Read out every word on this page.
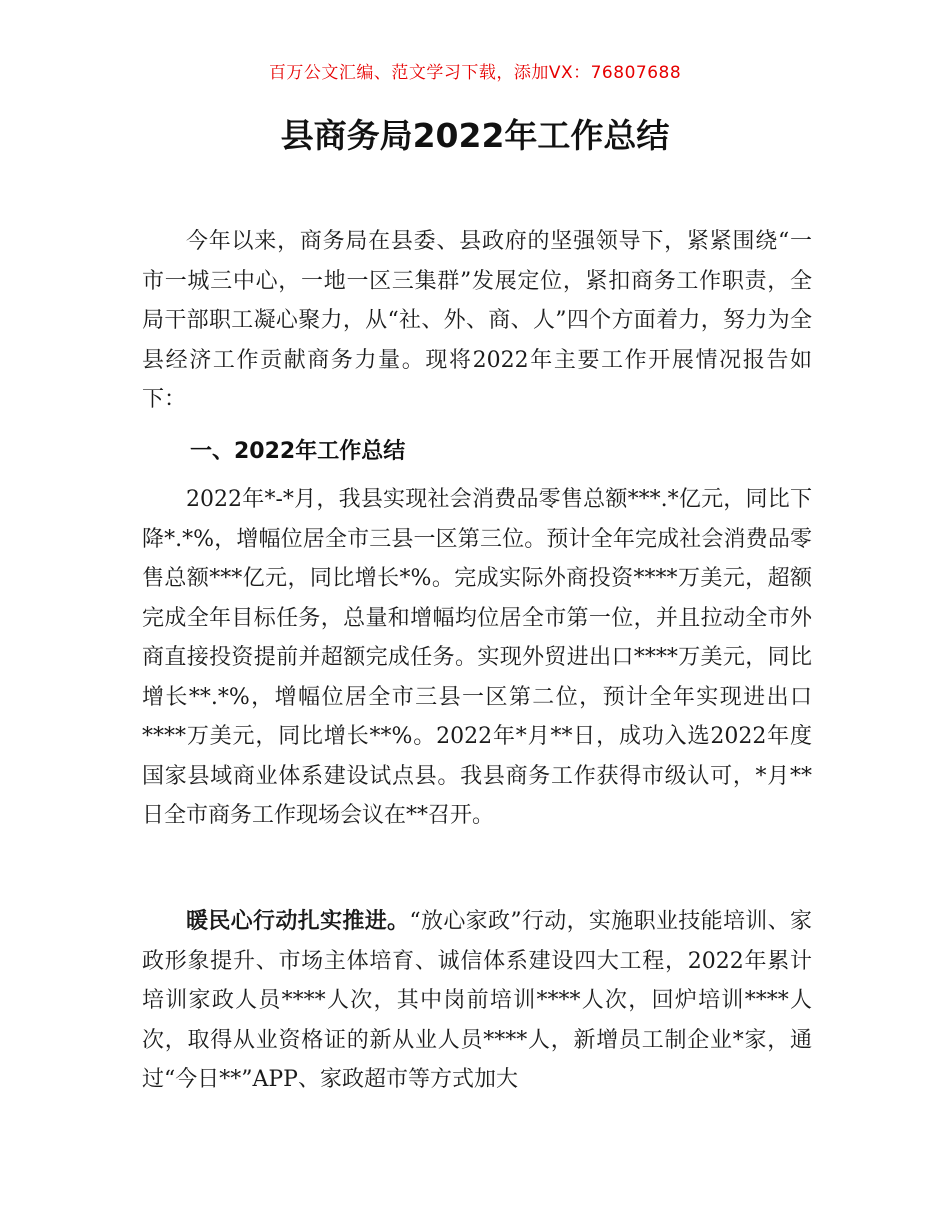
百万公文汇编、范文学习下载，添加VX：76807688
县商务局2022年工作总结

今年以来，商务局在县委、县政府的坚强领导下，紧紧围绕“一市一城三中心，一地一区三集群”发展定位，紧扣商务工作职责，全局干部职工凝心聚力，从“社、外、商、人”四个方面着力，努力为全县经济工作贡献商务力量。现将2022年主要工作开展情况报告如下：

一、2022年工作总结

2022年*-*月，我县实现社会消费品零售总额***.*亿元，同比下降*.*%，增幅位居全市三县一区第三位。预计全年完成社会消费品零售总额***亿元，同比增长*%。完成实际外商投资****万美元，超额完成全年目标任务，总量和增幅均位居全市第一位，并且拉动全市外商直接投资提前并超额完成任务。实现外贸进出口****万美元，同比增长**.*%，增幅位居全市三县一区第二位，预计全年实现进出口****万美元，同比增长**%。2022年*月**日，成功入选2022年度国家县域商业体系建设试点县。我县商务工作获得市级认可，*月**日全市商务工作现场会议在**召开。

暖民心行动扎实推进。“放心家政”行动，实施职业技能培训、家政形象提升、市场主体培育、诚信体系建设四大工程，2022年累计培训家政人员****人次，其中岗前培训****人次，回炉培训****人次，取得从业资格证的新从业人员****人，新增员工制企业*家，通过“今日**”APP、家政超市等方式加大
